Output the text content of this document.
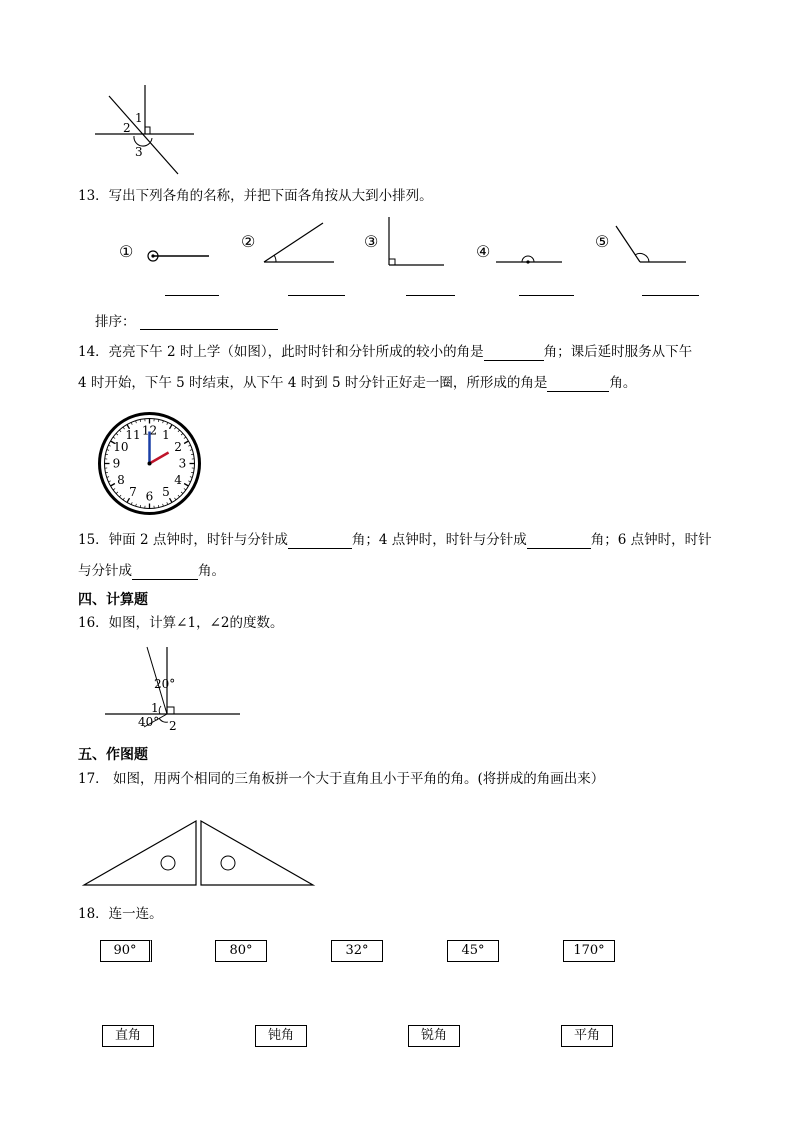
1
2
3
13．写出下列各角的名称，并把下面各角按从大到小排列。
①
②	③
④
⑤
排序：
14．亮亮下午 2 时上学（如图），此时时针和分针所成的较小的角是	角；课后延时服务从下午
4 时开始，下午 5 时结束，从下午 4 时到 5 时分针正好走一圈，所形成的角是	角。
12 1
2
3
4
5
6
7
8
9
10
11
15．钟面 2 点钟时，时针与分针成	角；4 点钟时，时针与分针成	角；6 点钟时，时针
与分针成	角。
四、计算题
16．如图，计算∠1，∠2的度数。
20°
40°
1
2
五、作图题
17． 如图，用两个相同的三角板拼一个大于直角且小于平角的角。(将拼成的角画出来）
18．连一连。
90°	80°	32°	45°	170°
直角	钝角	锐角	平角
